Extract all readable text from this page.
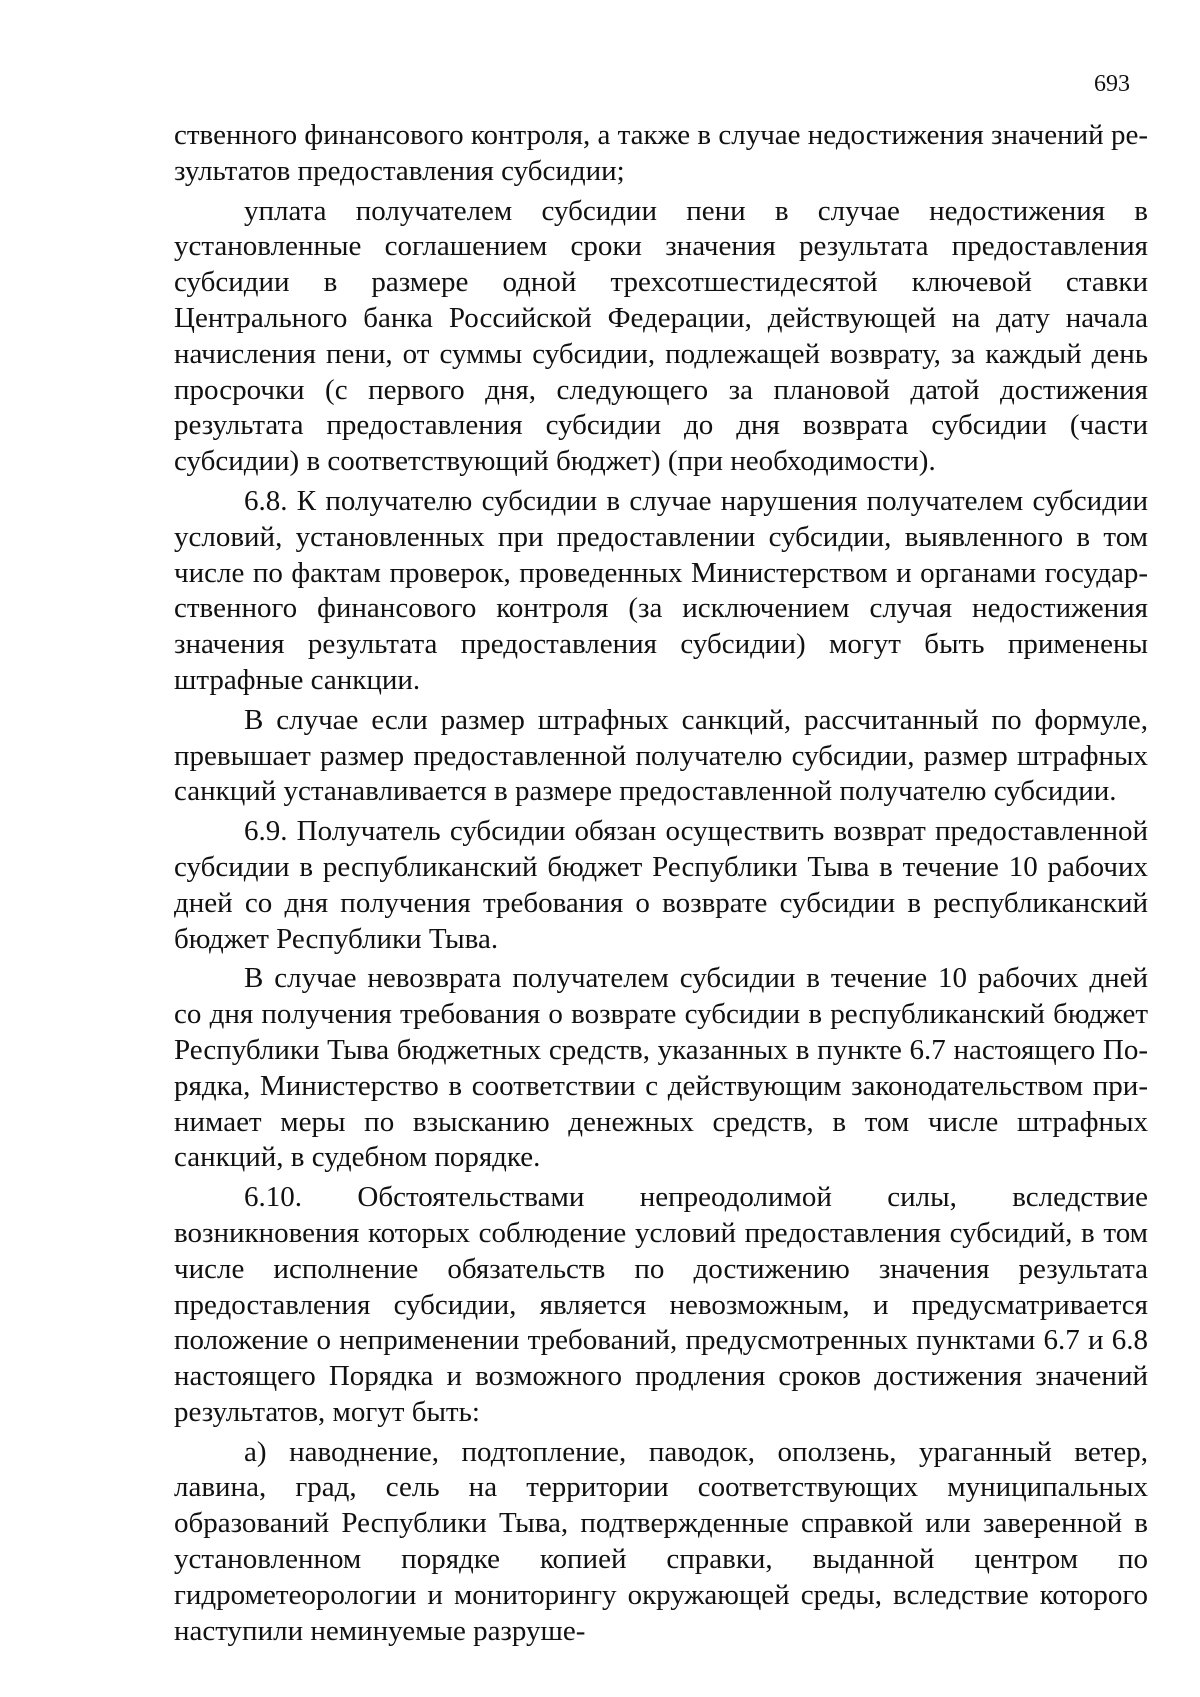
693

ственного финансового контроля, а также в случае недостижения значений результатов предоставления субсидии;

уплата получателем субсидии пени в случае недостижения в установленные соглашением сроки значения результата предоставления субсидии в размере одной трехсотшестидесятой ключевой ставки Центрального банка Российской Федерации, действующей на дату начала начисления пени, от суммы субсидии, подлежащей возврату, за каждый день просрочки (с первого дня, следующего за плановой датой достижения результата предоставления субсидии до дня возврата субсидии (части субсидии) в соответствующий бюджет) (при необходимости).

6.8. К получателю субсидии в случае нарушения получателем субсидии условий, установленных при предоставлении субсидии, выявленного в том числе по фактам проверок, проведенных Министерством и органами государственного финансового контроля (за исключением случая недостижения значения результата предоставления субсидии) могут быть применены штрафные санкции.

В случае если размер штрафных санкций, рассчитанный по формуле, превышает размер предоставленной получателю субсидии, размер штрафных санкций устанавливается в размере предоставленной получателю субсидии.

6.9. Получатель субсидии обязан осуществить возврат предоставленной субсидии в республиканский бюджет Республики Тыва в течение 10 рабочих дней со дня получения требования о возврате субсидии в республиканский бюджет Республики Тыва.

В случае невозврата получателем субсидии в течение 10 рабочих дней со дня получения требования о возврате субсидии в республиканский бюджет Республики Тыва бюджетных средств, указанных в пункте 6.7 настоящего Порядка, Министерство в соответствии с действующим законодательством принимает меры по взысканию денежных средств, в том числе штрафных санкций, в судебном порядке.

6.10. Обстоятельствами непреодолимой силы, вследствие возникновения которых соблюдение условий предоставления субсидий, в том числе исполнение обязательств по достижению значения результата предоставления субсидии, является невозможным, и предусматривается положение о неприменении требований, предусмотренных пунктами 6.7 и 6.8 настоящего Порядка и возможного продления сроков достижения значений результатов, могут быть:

а) наводнение, подтопление, паводок, оползень, ураганный ветер, лавина, град, сель на территории соответствующих муниципальных образований Республики Тыва, подтвержденные справкой или заверенной в установленном порядке копией справки, выданной центром по гидрометеорологии и мониторингу окружающей среды, вследствие которого наступили неминуемые разруше-
